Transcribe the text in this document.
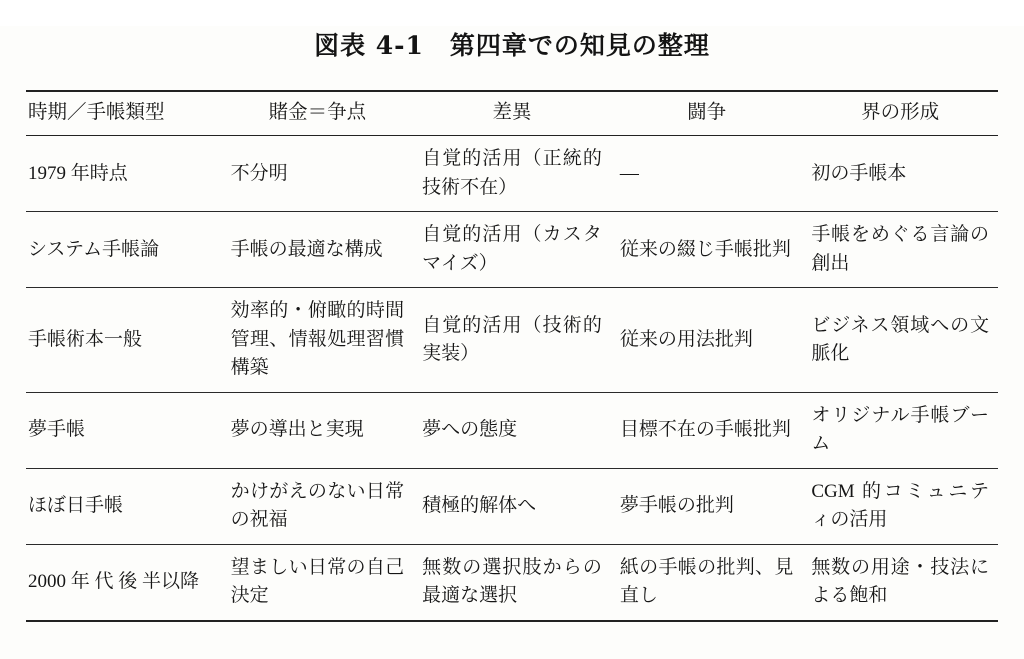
図表 4-1　第四章での知見の整理
時期／手帳類型	賭金＝争点	差異	闘争	界の形成

1979 年時点	不分明	自覚的活用（正統的技術不在）	—	初の手帳本

システム手帳論	手帳の最適な構成	自覚的活用（カスタマイズ）	従来の綴じ手帳批判	手帳をめぐる言論の創出

手帳術本一般	効率的・俯瞰的時間管理、情報処理習慣構築	自覚的活用（技術的実装）	従来の用法批判	ビジネス領域への文脈化

夢手帳	夢の導出と実現	夢への態度	目標不在の手帳批判	オリジナル手帳ブーム

ほぼ日手帳	かけがえのない日常の祝福	積極的解体へ	夢手帳の批判	CGM 的コミュニティの活用

2000 年 代 後 半以降	望ましい日常の自己決定	無数の選択肢からの最適な選択	紙の手帳の批判、見直し	無数の用途・技法による飽和
